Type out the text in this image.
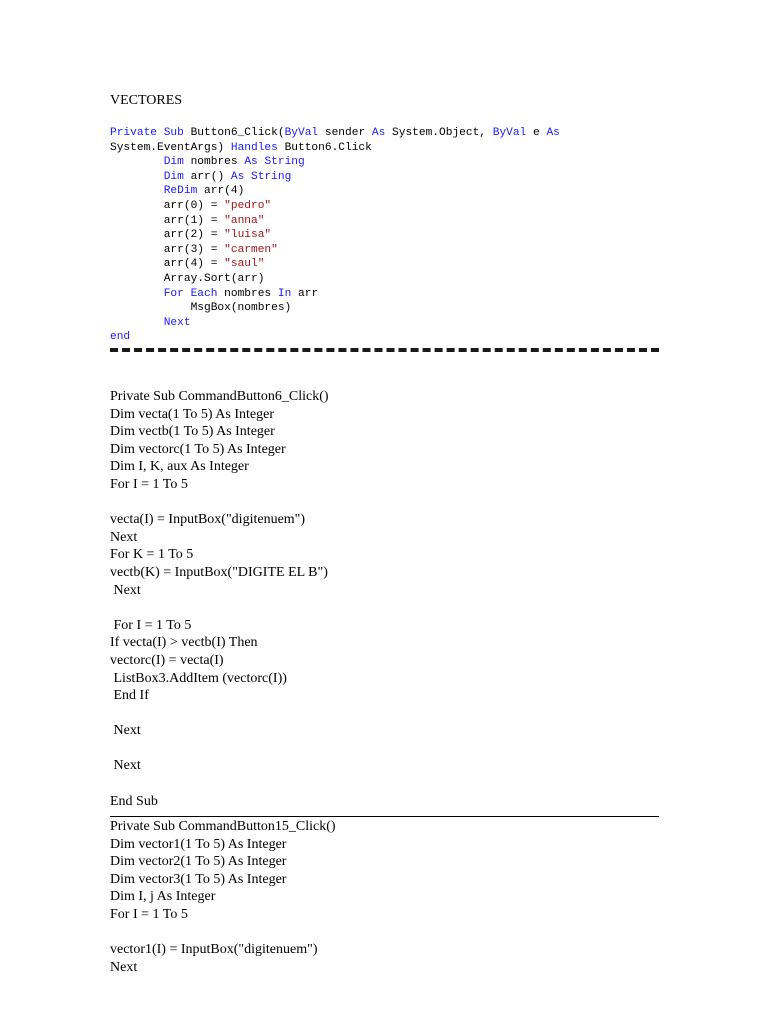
VECTORES
Private Sub Button6_Click(ByVal sender As System.Object, ByVal e As
System.EventArgs) Handles Button6.Click
Dim nombres As String
Dim arr() As String
ReDim arr(4)
arr(0) = "pedro"
arr(1) = "anna"
arr(2) = "luisa"
arr(3) = "carmen"
arr(4) = "saul"
Array.Sort(arr)
For Each nombres In arr
MsgBox(nombres)
Next
end
Private Sub CommandButton6_Click()
Dim vecta(1 To 5) As Integer
Dim vectb(1 To 5) As Integer
Dim vectorc(1 To 5) As Integer
Dim I, K, aux As Integer
For I = 1 To 5
vecta(I) = InputBox("digitenuem")
Next
For K = 1 To 5
vectb(K) = InputBox("DIGITE EL B")
Next
For I = 1 To 5
If vecta(I) > vectb(I) Then
vectorc(I) = vecta(I)
ListBox3.AddItem (vectorc(I))
End If
Next
Next
End Sub
Private Sub CommandButton15_Click()
Dim vector1(1 To 5) As Integer
Dim vector2(1 To 5) As Integer
Dim vector3(1 To 5) As Integer
Dim I, j As Integer
For I = 1 To 5
vector1(I) = InputBox("digitenuem")
Next
